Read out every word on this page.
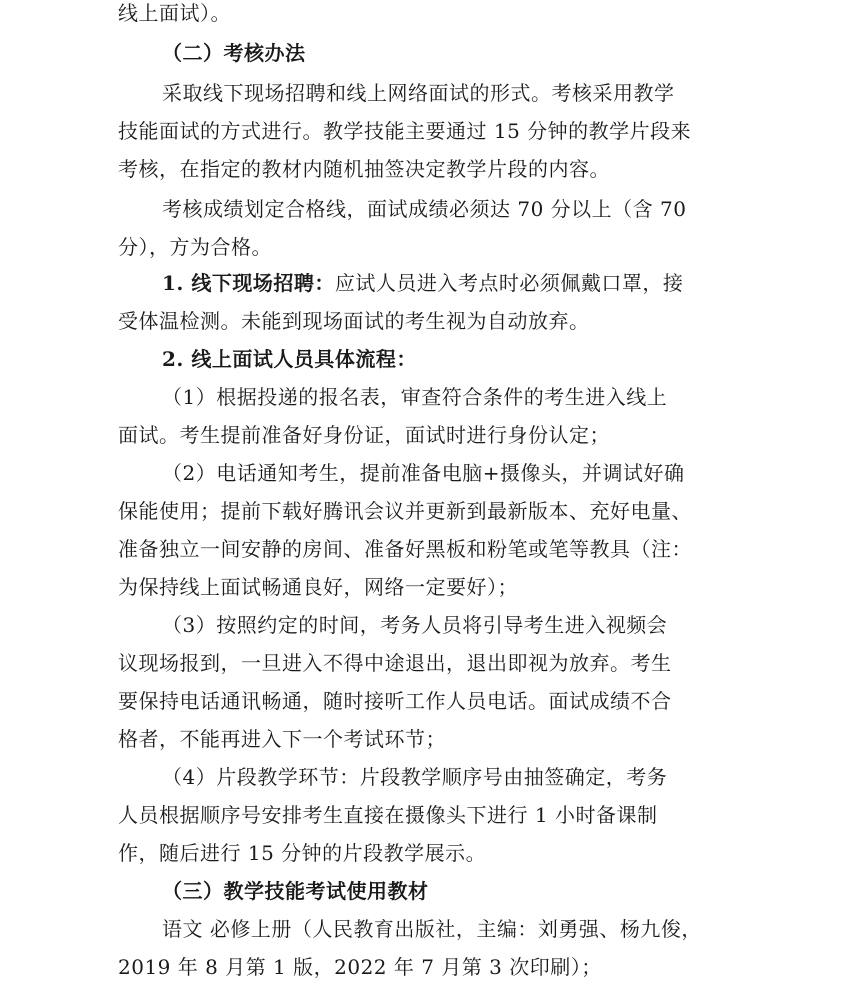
线上面试）。
（二）考核办法
采取线下现场招聘和线上网络面试的形式。考核采用教学
技能面试的方式进行。教学技能主要通过 15 分钟的教学片段来
考核，在指定的教材内随机抽签决定教学片段的内容。
考核成绩划定合格线，面试成绩必须达 70 分以上（含 70
分），方为合格。
1. 线下现场招聘：应试人员进入考点时必须佩戴口罩，接
受体温检测。未能到现场面试的考生视为自动放弃。
2. 线上面试人员具体流程：
（1）根据投递的报名表，审查符合条件的考生进入线上
面试。考生提前准备好身份证，面试时进行身份认定；
（2）电话通知考生，提前准备电脑+摄像头，并调试好确
保能使用；提前下载好腾讯会议并更新到最新版本、充好电量、
准备独立一间安静的房间、准备好黑板和粉笔或笔等教具（注：
为保持线上面试畅通良好，网络一定要好）；
（3）按照约定的时间，考务人员将引导考生进入视频会
议现场报到，一旦进入不得中途退出，退出即视为放弃。考生
要保持电话通讯畅通，随时接听工作人员电话。面试成绩不合
格者，不能再进入下一个考试环节；
（4）片段教学环节：片段教学顺序号由抽签确定，考务
人员根据顺序号安排考生直接在摄像头下进行 1 小时备课制
作，随后进行 15 分钟的片段教学展示。
（三）教学技能考试使用教材
语文 必修上册（人民教育出版社，主编：刘勇强、杨九俊，
2019 年 8 月第 1 版，2022 年 7 月第 3 次印刷）；
